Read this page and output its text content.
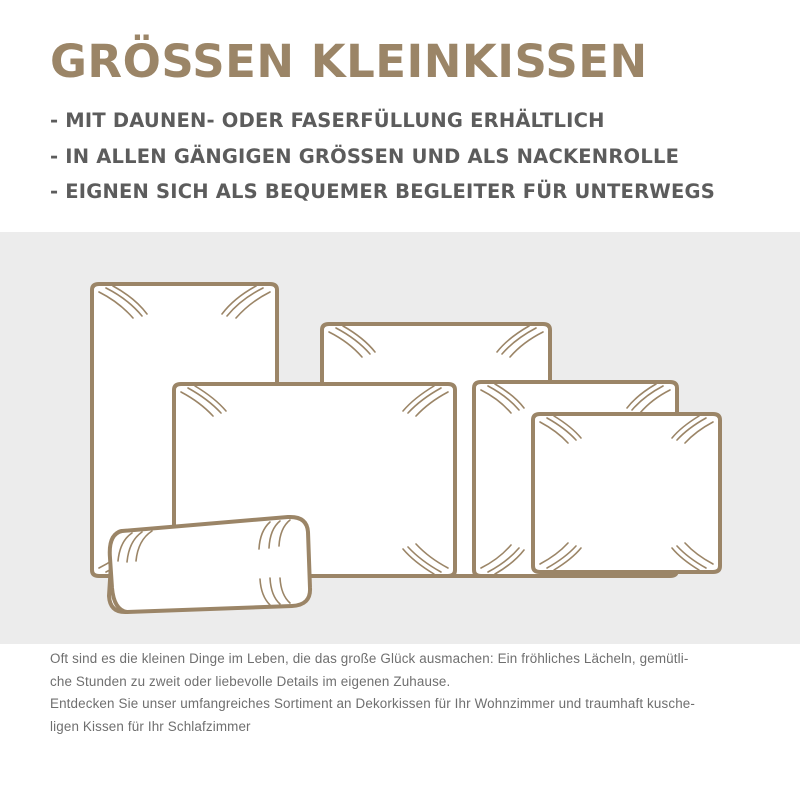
GRÖSSEN KLEINKISSEN
- MIT DAUNEN- ODER FASERFÜLLUNG ERHÄLTLICH
- IN ALLEN GÄNGIGEN GRÖSSEN UND ALS NACKENROLLE
- EIGNEN SICH ALS BEQUEMER BEGLEITER FÜR UNTERWEGS

Oft sind es die kleinen Dinge im Leben, die das große Glück ausmachen: Ein fröhliches Lächeln, gemütli-

che Stunden zu zweit oder liebevolle Details im eigenen Zuhause.

Entdecken Sie unser umfangreiches Sortiment an Dekorkissen für Ihr Wohnzimmer und traumhaft kusche-

ligen Kissen für Ihr Schlafzimmer
